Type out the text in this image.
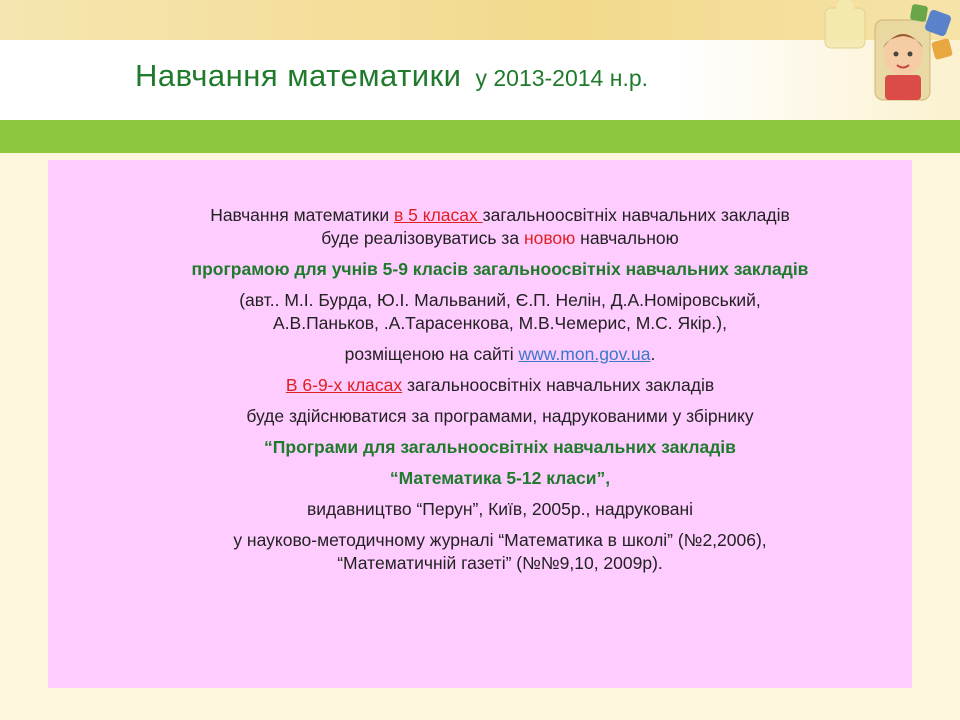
Навчання математики у 2013-2014 н.р.

Навчання математики в 5 класах загальноосвітніх навчальних закладів
буде реалізовуватись за новою навчальною

програмою для учнів 5-9 класів загальноосвітніх навчальних закладів

(авт.. М.І. Бурда, Ю.І. Мальваний, Є.П. Нелін, Д.А.Номіровський,
А.В.Паньков, .А.Тарасенкова, М.В.Чемерис, М.С. Якір.),

розміщеною на сайті www.mon.gov.ua.

В 6-9-х класах загальноосвітніх навчальних закладів

буде здійснюватися за програмами, надрукованими у збірнику

“Програми для загальноосвітніх навчальних закладів

“Математика 5-12 класи”,

видавництво “Перун”, Київ, 2005р., надруковані

у науково-методичному журналі “Математика в школі” (№2,2006),
“Математичній газеті” (№№9,10, 2009р).
